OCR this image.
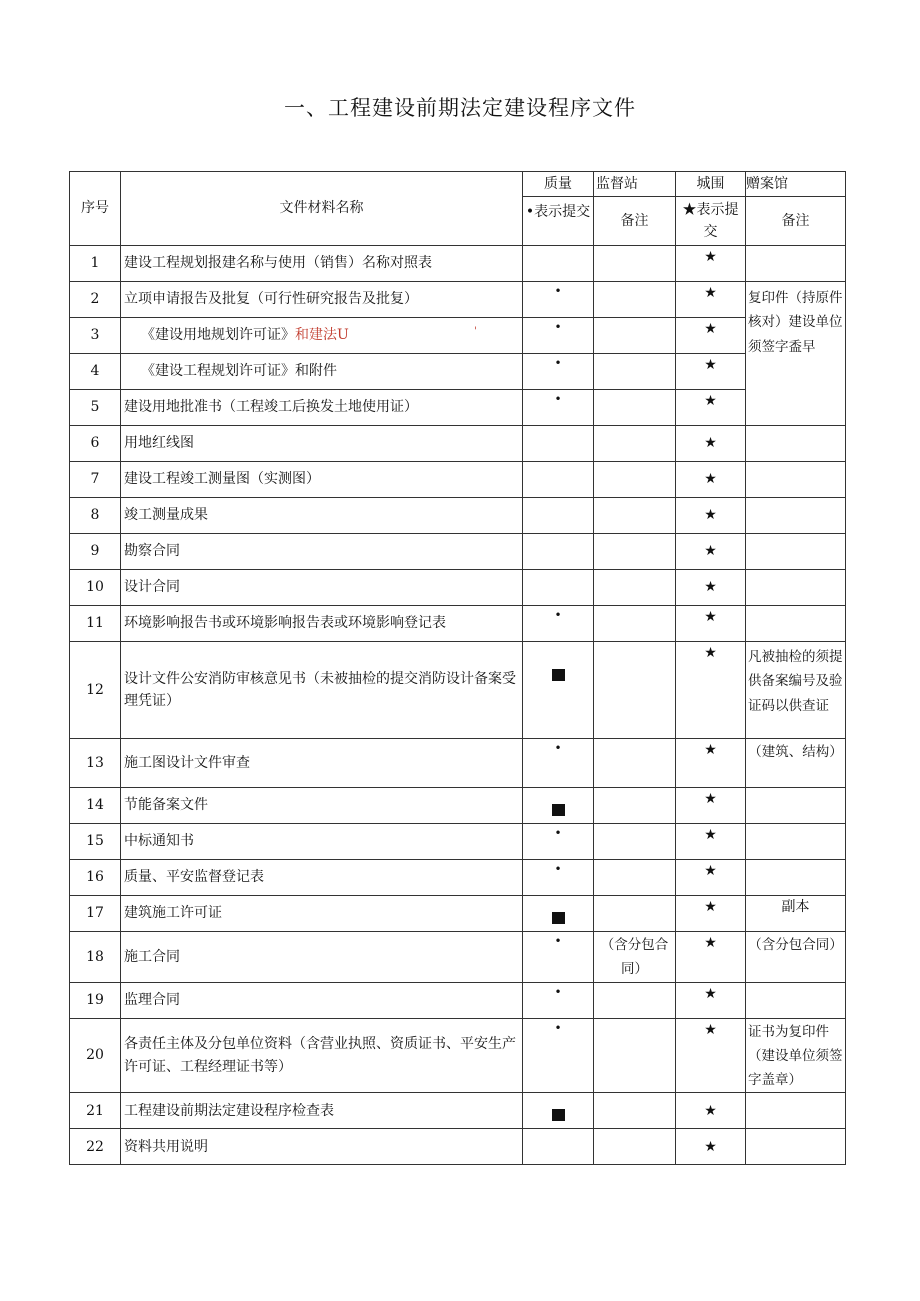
一、工程建设前期法定建设程序文件
序号	文件材料名称	质量	监督站	城围	赠案馆
		•表示提交	备注	★表示提
交	备注
1	建设工程规划报建名称与使用（销售）名称对照表			★	
2	立项申请报告及批复（可行性研究报告及批复）	•		★	复印件（持原件核对）建设单位须签字盉早
3	《建设用地规划许可证》和建法U '	•		★	
4	《建设工程规划许可证》和附件	•		★	
5	建设用地批准书（工程竣工后换发土地使用证）	•		★	
6	用地红线图			★	
7	建设工程竣工测量图（实测图）			★	
8	竣工测量成果			★	
9	勘察合同			★	
10	设计合同			★	
11	环境影响报告书或环境影响报告表或环境影响登记表	•		★	
12	设计文件公安消防审核意见书（未被抽检的提交消防设计备案受理凭证）			★	凡被抽检的须提供备案编号及验证码以供查证
13	施工图设计文件审查	•		★	（建筑、结构）
14	节能备案文件			★	
15	中标通知书	•		★	
16	质量、平安监督登记表	•		★	
17	建筑施工许可证			★	副本
18	施工合同	•	（含分包合同）	★	（含分包合同）
19	监理合同	•		★	
20	各责任主体及分包单位资料（含营业执照、资质证书、平安生产许可证、工程经理证书等）	•		★	证书为复印件（建设单位须签字盖章）
21	工程建设前期法定建设程序检查表			★	
22	资料共用说明			★	
